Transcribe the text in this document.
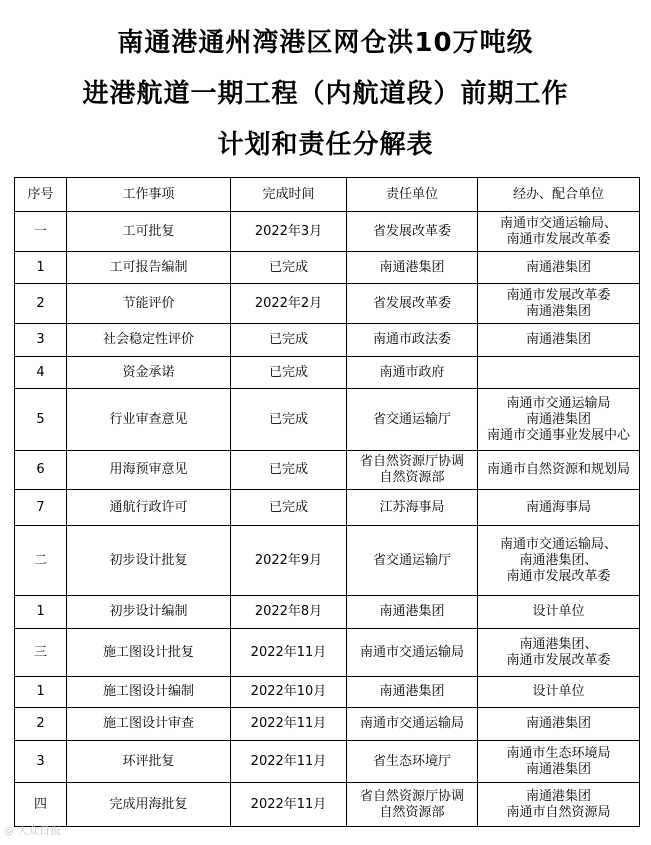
南通港通州湾港区网仓洪10万吨级
进港航道一期工程（内航道段）前期工作
计划和责任分解表
序号	工作事项	完成时间	责任单位	经办、配合单位
一	工可批复	2022年3月	省发展改革委	南通市交通运输局、
南通市发展改革委
1	工可报告编制	已完成	南通港集团	南通港集团
2	节能评价	2022年2月	省发展改革委	南通市发展改革委
南通港集团
3	社会稳定性评价	已完成	南通市政法委	南通港集团
4	资金承诺	已完成	南通市政府	
5	行业审查意见	已完成	省交通运输厅	南通市交通运输局
南通港集团
南通市交通事业发展中心
6	用海预审意见	已完成	省自然资源厅协调
自然资源部	南通市自然资源和规划局
7	通航行政许可	已完成	江苏海事局	南通海事局
二	初步设计批复	2022年9月	省交通运输厅	南通市交通运输局、
南通港集团、
南通市发展改革委
1	初步设计编制	2022年8月	南通港集团	设计单位
三	施工图设计批复	2022年11月	南通市交通运输局	南通港集团、
南通市发展改革委
1	施工图设计编制	2022年10月	南通港集团	设计单位
2	施工图设计审查	2022年11月	南通市交通运输局	南通港集团
3	环评批复	2022年11月	省生态环境厅	南通市生态环境局
南通港集团
四	完成用海批复	2022年11月	省自然资源厅协调
自然资源部	南通港集团
南通市自然资源局
◎ 大众日报
